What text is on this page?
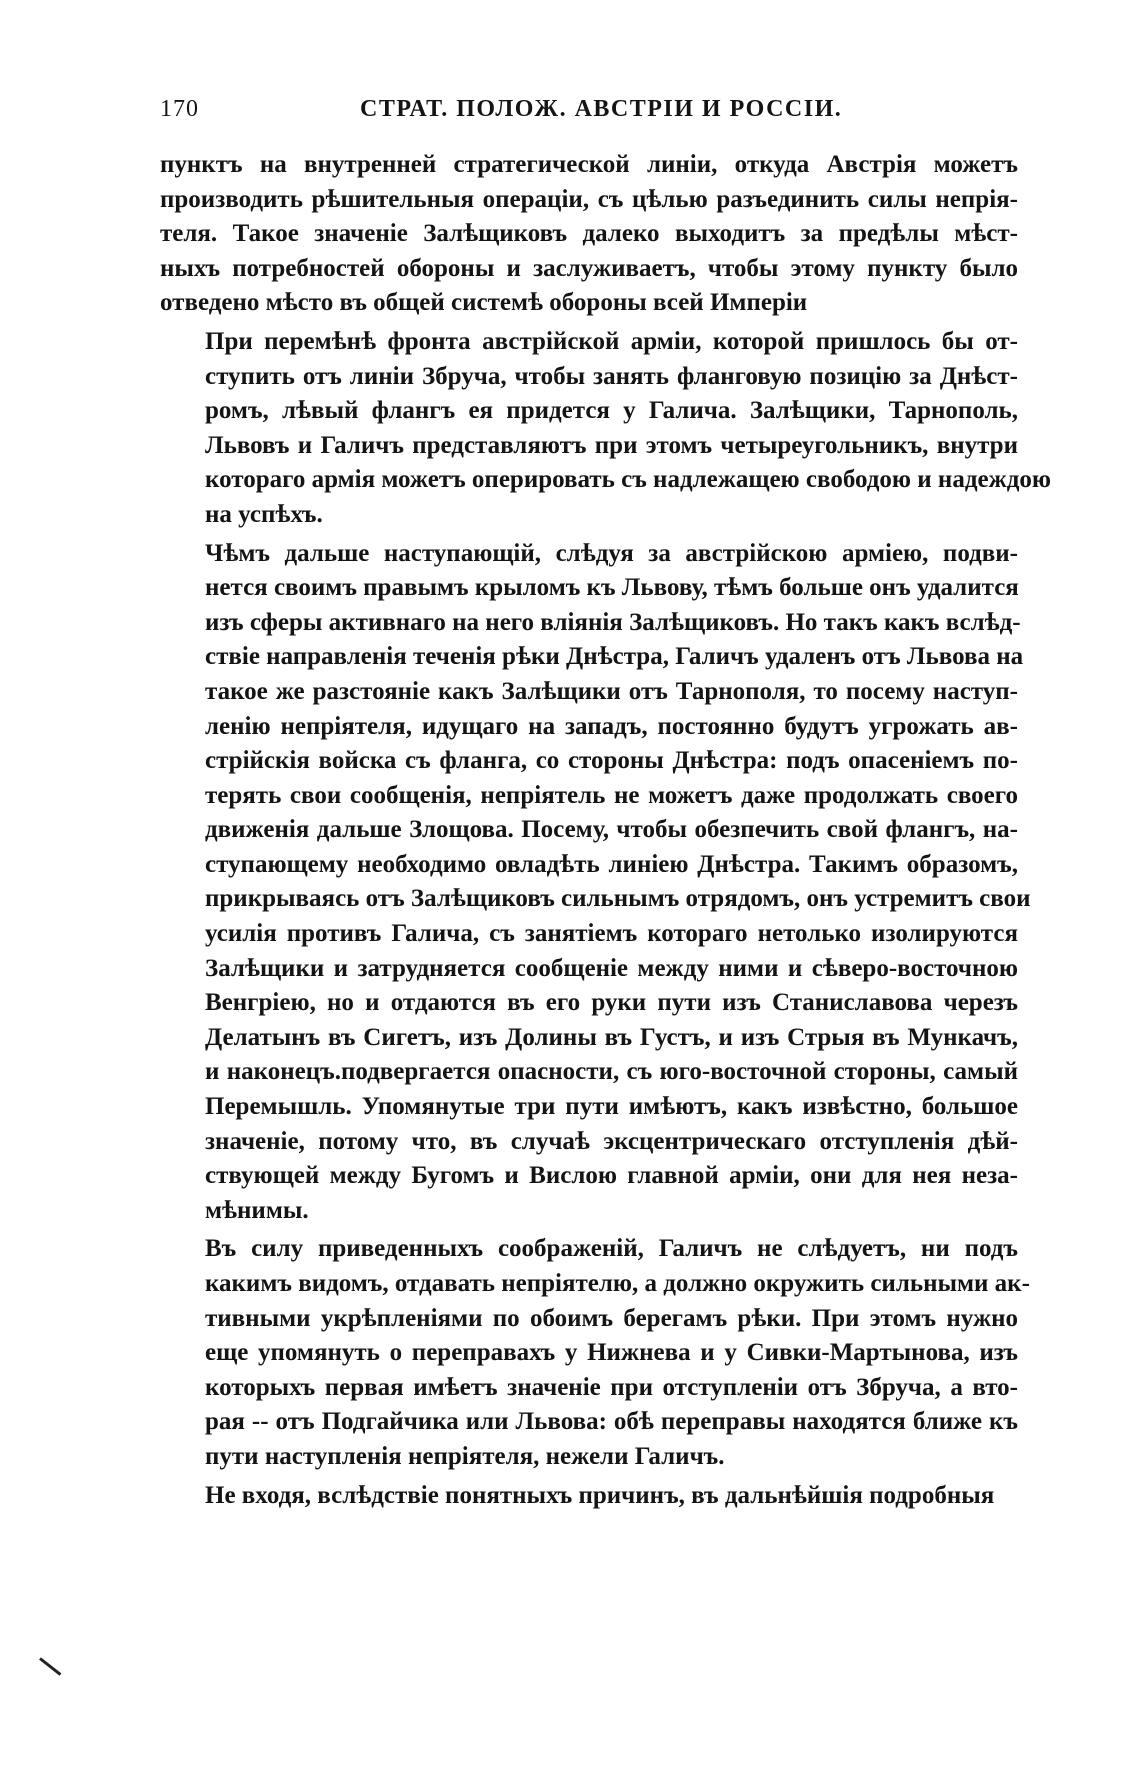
170	СТРАТ. ПОЛОЖ. АВСТРІИ И РОССІИ.
пунктъ на внутренней стратегической линіи, откуда Австрія можетъ
производить рѣшительныя операціи, съ цѣлью разъединить силы непрія-
теля. Такое значеніе Залѣщиковъ далеко выходитъ за предѣлы мѣст-
ныхъ потребностей обороны и заслуживаетъ, чтобы этому пункту было
отведено мѣсто въ общей системѣ обороны всей Имперіи
При перемѣнѣ фронта австрійской арміи, которой пришлось бы от-
ступить отъ линіи Збруча, чтобы занять фланговую позицію за Днѣст-
ромъ, лѣвый флангъ ея придется у Галича. Залѣщики, Тарнополь,
Львовъ и Галичъ представляютъ при этомъ четыреугольникъ, внутри
котораго армія можетъ оперировать съ надлежащею свободою и надеждою
на успѣхъ.
Чѣмъ дальше наступающій, слѣдуя за австрійскою арміею, подви-
нется своимъ правымъ крыломъ къ Львову, тѣмъ больше онъ удалится
изъ сферы активнаго на него вліянія Залѣщиковъ. Но такъ какъ вслѣд-
ствіе направленія теченія рѣки Днѣстра, Галичъ удаленъ отъ Львова на
такое же разстояніе какъ Залѣщики отъ Тарнополя, то посему наступ-
ленію непріятеля, идущаго на западъ, постоянно будутъ угрожать ав-
стрійскія войска съ фланга, со стороны Днѣстра: подъ опасеніемъ по-
терять свои сообщенія, непріятель не можетъ даже продолжать своего
движенія дальше Злощова. Посему, чтобы обезпечить свой флангъ, на-
ступающему необходимо овладѣть линіею Днѣстра. Такимъ образомъ,
прикрываясь отъ Залѣщиковъ сильнымъ отрядомъ, онъ устремитъ свои
усилія противъ Галича, съ занятіемъ котораго нетолько изолируются
Залѣщики и затрудняется сообщеніе между ними и сѣверо-восточною
Венгріею, но и отдаются въ его руки пути изъ Станиславова черезъ
Делатынъ въ Сигетъ, изъ Долины въ Густъ, и изъ Стрыя въ Мункачъ,
и наконецъ.подвергается опасности, съ юго-восточной стороны, самый
Перемышль. Упомянутые три пути имѣютъ, какъ извѣстно, большое
значеніе, потому что, въ случаѣ эксцентрическаго отступленія дѣй-
ствующей между Бугомъ и Вислою главной арміи, они для нея неза-
мѣнимы.
Въ силу приведенныхъ соображеній, Галичъ не слѣдуетъ, ни подъ
какимъ видомъ, отдавать непріятелю, а должно окружить сильными ак-
тивными укрѣпленіями по обоимъ берегамъ рѣки. При этомъ нужно
еще упомянуть о переправахъ у Нижнева и у Сивки-Мартынова, изъ
которыхъ первая имѣетъ значеніе при отступленіи отъ Збруча, а вто-
рая -- отъ Подгайчика или Львова: обѣ переправы находятся ближе къ
пути наступленія непріятеля, нежели Галичъ.
Не входя, вслѣдствіе понятныхъ причинъ, въ дальнѣйшія подробныя
